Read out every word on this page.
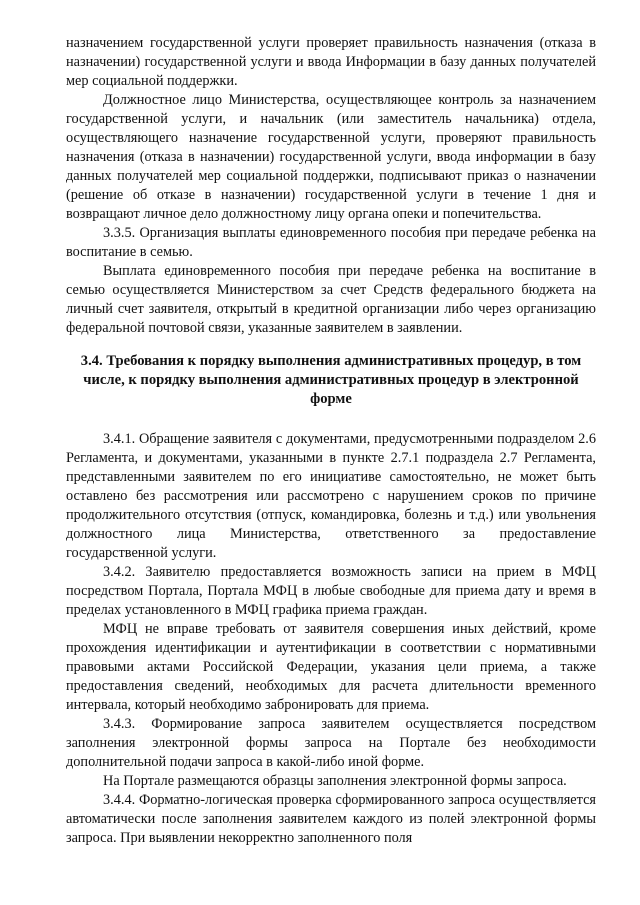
назначением государственной услуги проверяет правильность назначения (отказа в назначении) государственной услуги и ввода Информации в базу данных получателей мер социальной поддержки.

Должностное лицо Министерства, осуществляющее контроль за назначением государственной услуги, и начальник (или заместитель начальника) отдела, осуществляющего назначение государственной услуги, проверяют правильность назначения (отказа в назначении) государственной услуги, ввода информации в базу данных получателей мер социальной поддержки, подписывают приказ о назначении (решение об отказе в назначении) государственной услуги в течение 1 дня и возвращают личное дело должностному лицу органа опеки и попечительства.

3.3.5. Организация выплаты единовременного пособия при передаче ребенка на воспитание в семью.

Выплата единовременного пособия при передаче ребенка на воспитание в семью осуществляется Министерством за счет Средств федерального бюджета на личный счет заявителя, открытый в кредитной организации либо через организацию федеральной почтовой связи, указанные заявителем в заявлении.

3.4. Требования к порядку выполнения административных процедур, в том числе, к порядку выполнения административных процедур в электронной форме

3.4.1. Обращение заявителя с документами, предусмотренными подразделом 2.6 Регламента, и документами, указанными в пункте 2.7.1 подраздела 2.7 Регламента, представленными заявителем по его инициативе самостоятельно, не может быть оставлено без рассмотрения или рассмотрено с нарушением сроков по причине продолжительного отсутствия (отпуск, командировка, болезнь и т.д.) или увольнения должностного лица Министерства, ответственного за предоставление государственной услуги.

3.4.2. Заявителю предоставляется возможность записи на прием в МФЦ посредством Портала, Портала МФЦ в любые свободные для приема дату и время в пределах установленного в МФЦ графика приема граждан.

МФЦ не вправе требовать от заявителя совершения иных действий, кроме прохождения идентификации и аутентификации в соответствии с нормативными правовыми актами Российской Федерации, указания цели приема, а также предоставления сведений, необходимых для расчета длительности временного интервала, который необходимо забронировать для приема.

3.4.3. Формирование запроса заявителем осуществляется посредством заполнения электронной формы запроса на Портале без необходимости дополнительной подачи запроса в какой-либо иной форме.

На Портале размещаются образцы заполнения электронной формы запроса.

3.4.4. Форматно-логическая проверка сформированного запроса осуществляется автоматически после заполнения заявителем каждого из полей электронной формы запроса. При выявлении некорректно заполненного поля
